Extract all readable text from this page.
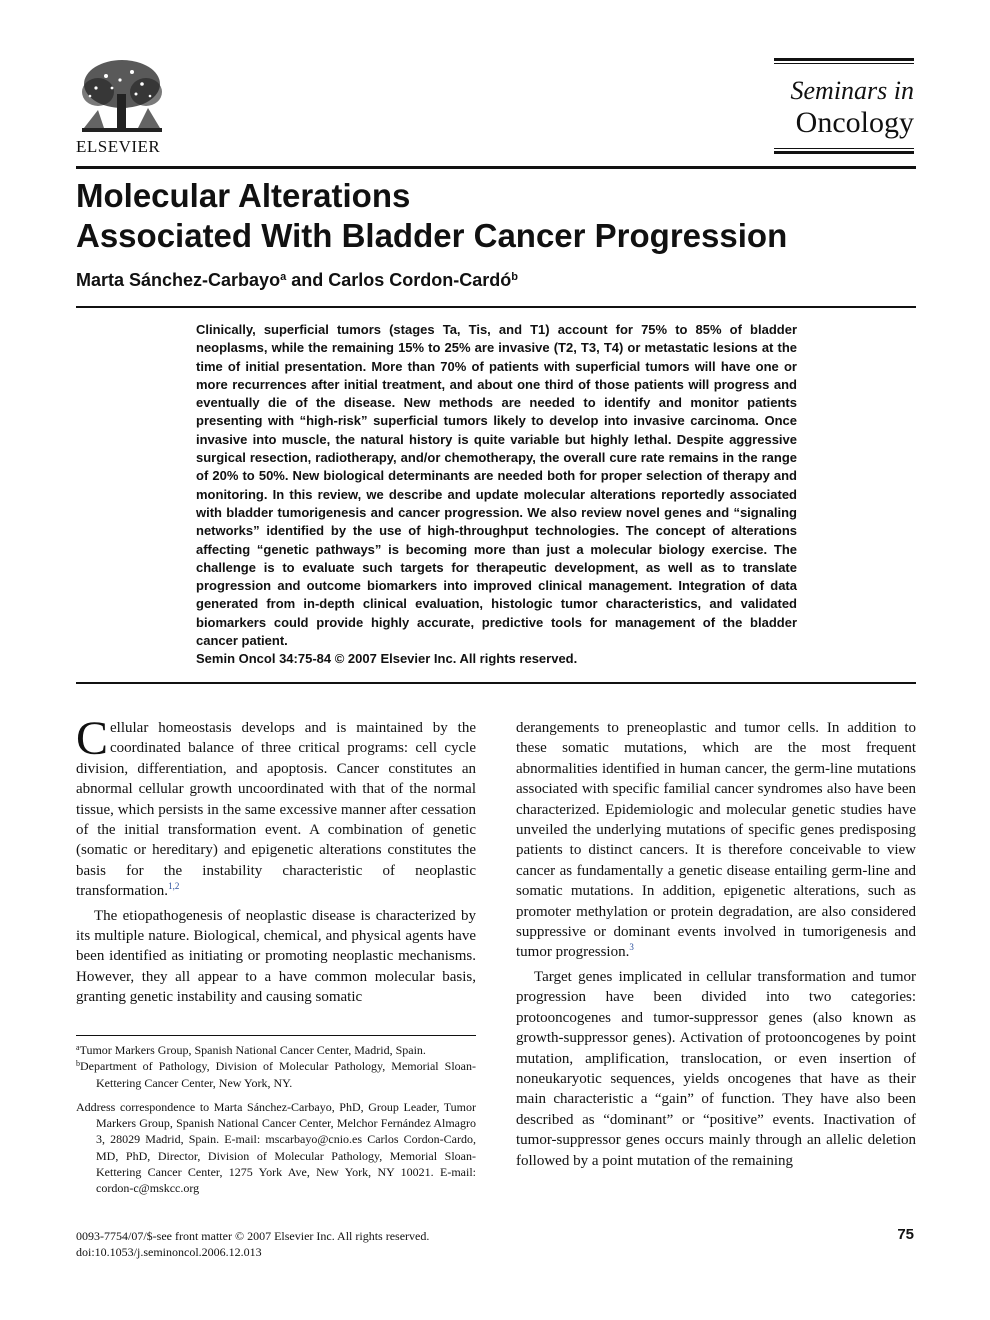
ELSEVIER
Seminars in
Oncology
Molecular Alterations
Associated With Bladder Cancer Progression
Marta Sánchez-Carbayo$^a$ and Carlos Cordon-Cardó$^b$
Clinically, superficial tumors (stages Ta, Tis, and T1) account for 75% to 85% of bladder neoplasms, while the remaining 15% to 25% are invasive (T2, T3, T4) or metastatic lesions at the time of initial presentation. More than 70% of patients with superficial tumors will have one or more recurrences after initial treatment, and about one third of those patients will progress and eventually die of the disease. New methods are needed to identify and monitor patients presenting with “high-risk” superficial tumors likely to develop into invasive carcinoma. Once invasive into muscle, the natural history is quite variable but highly lethal. Despite aggressive surgical resection, radiotherapy, and/or chemotherapy, the overall cure rate remains in the range of 20% to 50%. New biological determinants are needed both for proper selection of therapy and monitoring. In this review, we describe and update molecular alterations reportedly associated with bladder tumorigenesis and cancer progression. We also review novel genes and “signaling networks” identified by the use of high-throughput technologies. The concept of alterations affecting “genetic pathways” is becoming more than just a molecular biology exercise. The challenge is to evaluate such targets for therapeutic development, as well as to translate progression and outcome biomarkers into improved clinical management. Integration of data generated from in-depth clinical evaluation, histologic tumor characteristics, and validated biomarkers could provide highly accurate, predictive tools for management of the bladder cancer patient.
Semin Oncol 34:75-84 © 2007 Elsevier Inc. All rights reserved.

Cellular homeostasis develops and is maintained by the coordinated balance of three critical programs: cell cycle division, differentiation, and apoptosis. Cancer constitutes an abnormal cellular growth uncoordinated with that of the normal tissue, which persists in the same excessive manner after cessation of the initial transformation event. A combination of genetic (somatic or hereditary) and epigenetic alterations constitutes the basis for the instability characteristic of neoplastic transformation.$^{1,2}$

The etiopathogenesis of neoplastic disease is characterized by its multiple nature. Biological, chemical, and physical agents have been identified as initiating or promoting neoplastic mechanisms. However, they all appear to a have common molecular basis, granting genetic instability and causing somatic

$^a$Tumor Markers Group, Spanish National Cancer Center, Madrid, Spain.

$^b$Department of Pathology, Division of Molecular Pathology, Memorial Sloan-Kettering Cancer Center, New York, NY.

Address correspondence to Marta Sánchez-Carbayo, PhD, Group Leader, Tumor Markers Group, Spanish National Cancer Center, Melchor Fernández Almagro 3, 28029 Madrid, Spain. E-mail: mscarbayo@cnio.es Carlos Cordon-Cardo, MD, PhD, Director, Division of Molecular Pathology, Memorial Sloan-Kettering Cancer Center, 1275 York Ave, New York, NY 10021. E-mail: cordon-c@mskcc.org

derangements to preneoplastic and tumor cells. In addition to these somatic mutations, which are the most frequent abnormalities identified in human cancer, the germ-line mutations associated with specific familial cancer syndromes also have been characterized. Epidemiologic and molecular genetic studies have unveiled the underlying mutations of specific genes predisposing patients to distinct cancers. It is therefore conceivable to view cancer as fundamentally a genetic disease entailing germ-line and somatic mutations. In addition, epigenetic alterations, such as promoter methylation or protein degradation, are also considered suppressive or dominant events involved in tumorigenesis and tumor progression.$^3$

Target genes implicated in cellular transformation and tumor progression have been divided into two categories: protooncogenes and tumor-suppressor genes (also known as growth-suppressor genes). Activation of protooncogenes by point mutation, amplification, translocation, or even insertion of noneukaryotic sequences, yields oncogenes that have as their main characteristic a “gain” of function. They have also been described as “dominant” or “positive” events. Inactivation of tumor-suppressor genes occurs mainly through an allelic deletion followed by a point mutation of the remaining

0093-7754/07/$-see front matter © 2007 Elsevier Inc. All rights reserved.
doi:10.1053/j.seminoncol.2006.12.013
75
